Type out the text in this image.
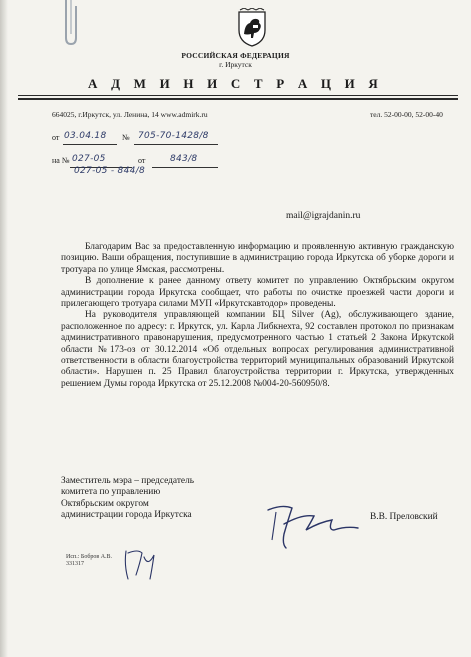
РОССИЙСКАЯ ФЕДЕРАЦИЯ
г. Иркутск
А Д М И Н И С Т Р А Ц И Я
664025, г.Иркутск, ул. Ленина, 14 www.admirk.ru	тел. 52-00-00, 52-00-40
от 03.04.18 № 705-70-1428/8
на № 027-05	от	843/8
027-05 - 844/8
mail@igrajdanin.ru

Благодарим Вас за предоставленную информацию и проявленную активную гражданскую позицию. Ваши обращения, поступившие в администрацию города Иркутска об уборке дороги и тротуара по улице Ямская, рассмотрены.

В дополнение к ранее данному ответу комитет по управлению Октябрьским округом администрации города Иркутска сообщает, что работы по очистке проезжей части дороги и прилегающего тротуара силами МУП «Иркутскавтодор» проведены.

На руководителя управляющей компании БЦ Silver (Ag), обслуживающего здание, расположенное по адресу: г. Иркутск, ул. Карла Либкнехта, 92 составлен протокол по признакам административного правонарушения, предусмотренного частью 1 статьей 2 Закона Иркутской области №173-оз от 30.12.2014 «Об отдельных вопросах регулирования административной ответственности в области благоустройства территорий муниципальных образований Иркутской области». Нарушен п. 25 Правил благоустройства территории г. Иркутска, утвержденных решением Думы города Иркутска от 25.12.2008 №004-20-560950/8.

Заместитель мэра – председатель
комитета по управлению
Октябрьским округом
администрации города Иркутска	В.В. Преловский
Исп.: Бобров А.В.
331317
